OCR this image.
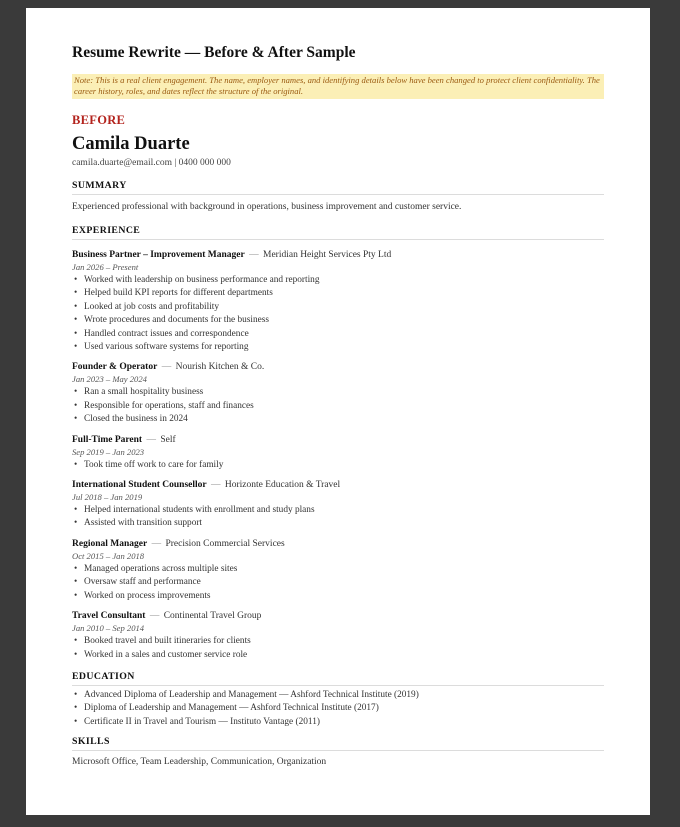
Resume Rewrite — Before & After Sample
Note: This is a real client engagement. The name, employer names, and identifying details below have been changed to protect client confidentiality. The career history, roles, and dates reflect the structure of the original.
BEFORE
Camila Duarte
camila.duarte@email.com | 0400 000 000
SUMMARY
Experienced professional with background in operations, business improvement and customer service.
EXPERIENCE
Business Partner – Improvement Manager — Meridian Height Services Pty Ltd
Jan 2026 – Present
• Worked with leadership on business performance and reporting
• Helped build KPI reports for different departments
• Looked at job costs and profitability
• Wrote procedures and documents for the business
• Handled contract issues and correspondence
• Used various software systems for reporting
Founder & Operator — Nourish Kitchen & Co.
Jan 2023 – May 2024
• Ran a small hospitality business
• Responsible for operations, staff and finances
• Closed the business in 2024
Full-Time Parent — Self
Sep 2019 – Jan 2023
• Took time off work to care for family
International Student Counsellor — Horizonte Education & Travel
Jul 2018 – Jan 2019
• Helped international students with enrollment and study plans
• Assisted with transition support
Regional Manager — Precision Commercial Services
Oct 2015 – Jan 2018
• Managed operations across multiple sites
• Oversaw staff and performance
• Worked on process improvements
Travel Consultant — Continental Travel Group
Jan 2010 – Sep 2014
• Booked travel and built itineraries for clients
• Worked in a sales and customer service role
EDUCATION
• Advanced Diploma of Leadership and Management — Ashford Technical Institute (2019)
• Diploma of Leadership and Management — Ashford Technical Institute (2017)
• Certificate II in Travel and Tourism — Instituto Vantage (2011)
SKILLS
Microsoft Office, Team Leadership, Communication, Organization
